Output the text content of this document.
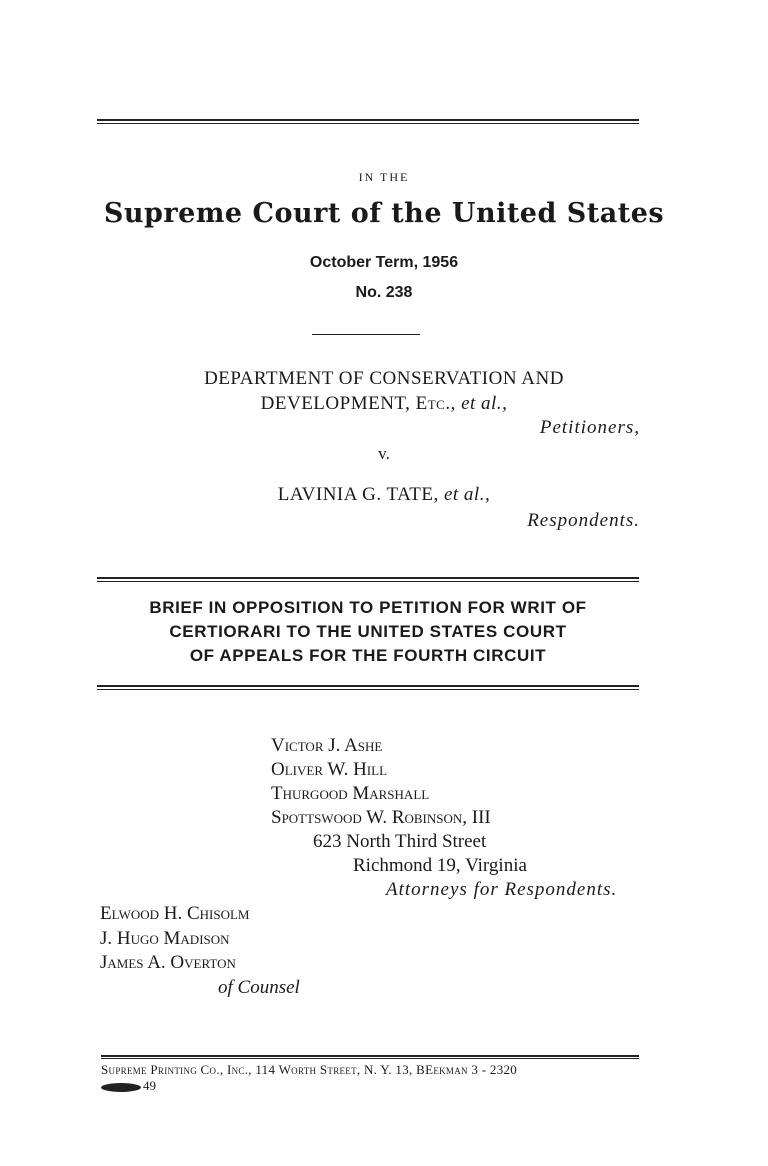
IN THE
Supreme Court of the United States
October Term, 1956
No. 238
DEPARTMENT OF CONSERVATION AND
DEVELOPMENT, Etc., et al.,
Petitioners,
v.
LAVINIA G. TATE, et al.,
Respondents.
BRIEF IN OPPOSITION TO PETITION FOR WRIT OF
CERTIORARI TO THE UNITED STATES COURT
OF APPEALS FOR THE FOURTH CIRCUIT
Victor J. Ashe
Oliver W. Hill
Thurgood Marshall
Spottswood W. Robinson, III
623 North Third Street
Richmond 19, Virginia
Attorneys for Respondents.
Elwood H. Chisolm
J. Hugo Madison
James A. Overton
of Counsel
Supreme Printing Co., Inc., 114 Worth Street, N. Y. 13, BEekman 3 - 2320
49
